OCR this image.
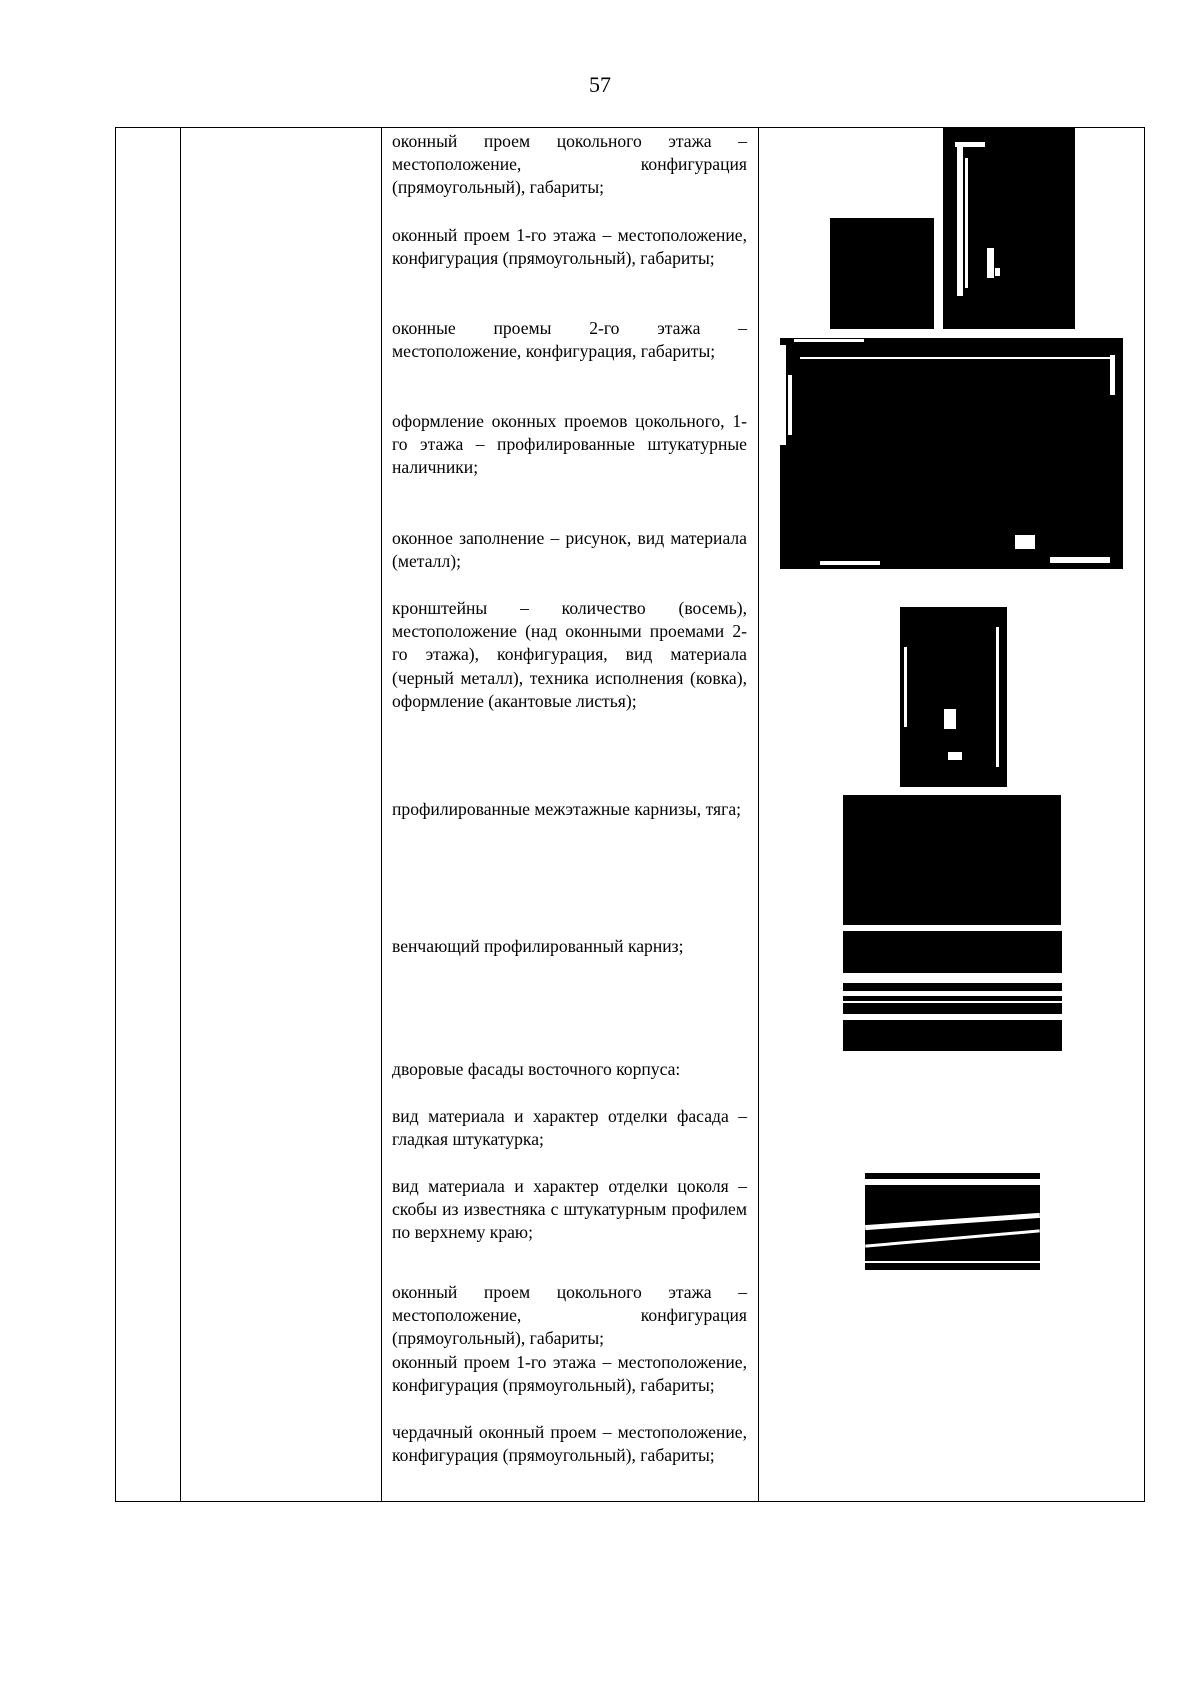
57
оконный проем цокольного этажа – местоположение, конфигурация (прямоугольный), габариты;
оконный проем 1-го этажа – местоположение, конфигурация (прямоугольный), габариты;
оконные проемы 2-го этажа – местоположение, конфигурация, габариты;
оформление оконных проемов цокольного, 1-го этажа – профилированные штукатурные наличники;
оконное заполнение – рисунок, вид материала (металл);
кронштейны – количество (восемь), местоположение (над оконными проемами 2-го этажа), конфигурация, вид материала (черный металл), техника исполнения (ковка), оформление (акантовые листья);
профилированные межэтажные карнизы, тяга;
венчающий профилированный карниз;
дворовые фасады восточного корпуса:
вид материала и характер отделки фасада – гладкая штукатурка;
вид материала и характер отделки цоколя – скобы из известняка с штукатурным профилем по верхнему краю;
оконный проем цокольного этажа – местоположение, конфигурация (прямоугольный), габариты;
оконный проем 1-го этажа – местоположение, конфигурация (прямоугольный), габариты;
чердачный оконный проем – местоположение, конфигурация (прямоугольный), габариты;
